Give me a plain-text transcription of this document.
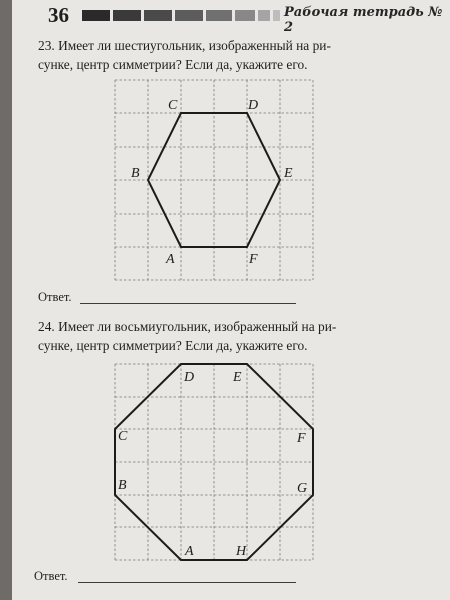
36	Рабочая тетрадь № 2
23. Имеет ли шестиугольник, изображенный на ри-
сунке, центр симметрии? Если да, укажите его.
A
B
C	D
E
F
A
B
C
D	E
F
G
H
Ответ.
24. Имеет ли восьмиугольник, изображенный на ри-
сунке, центр симметрии? Если да, укажите его.
Ответ.
